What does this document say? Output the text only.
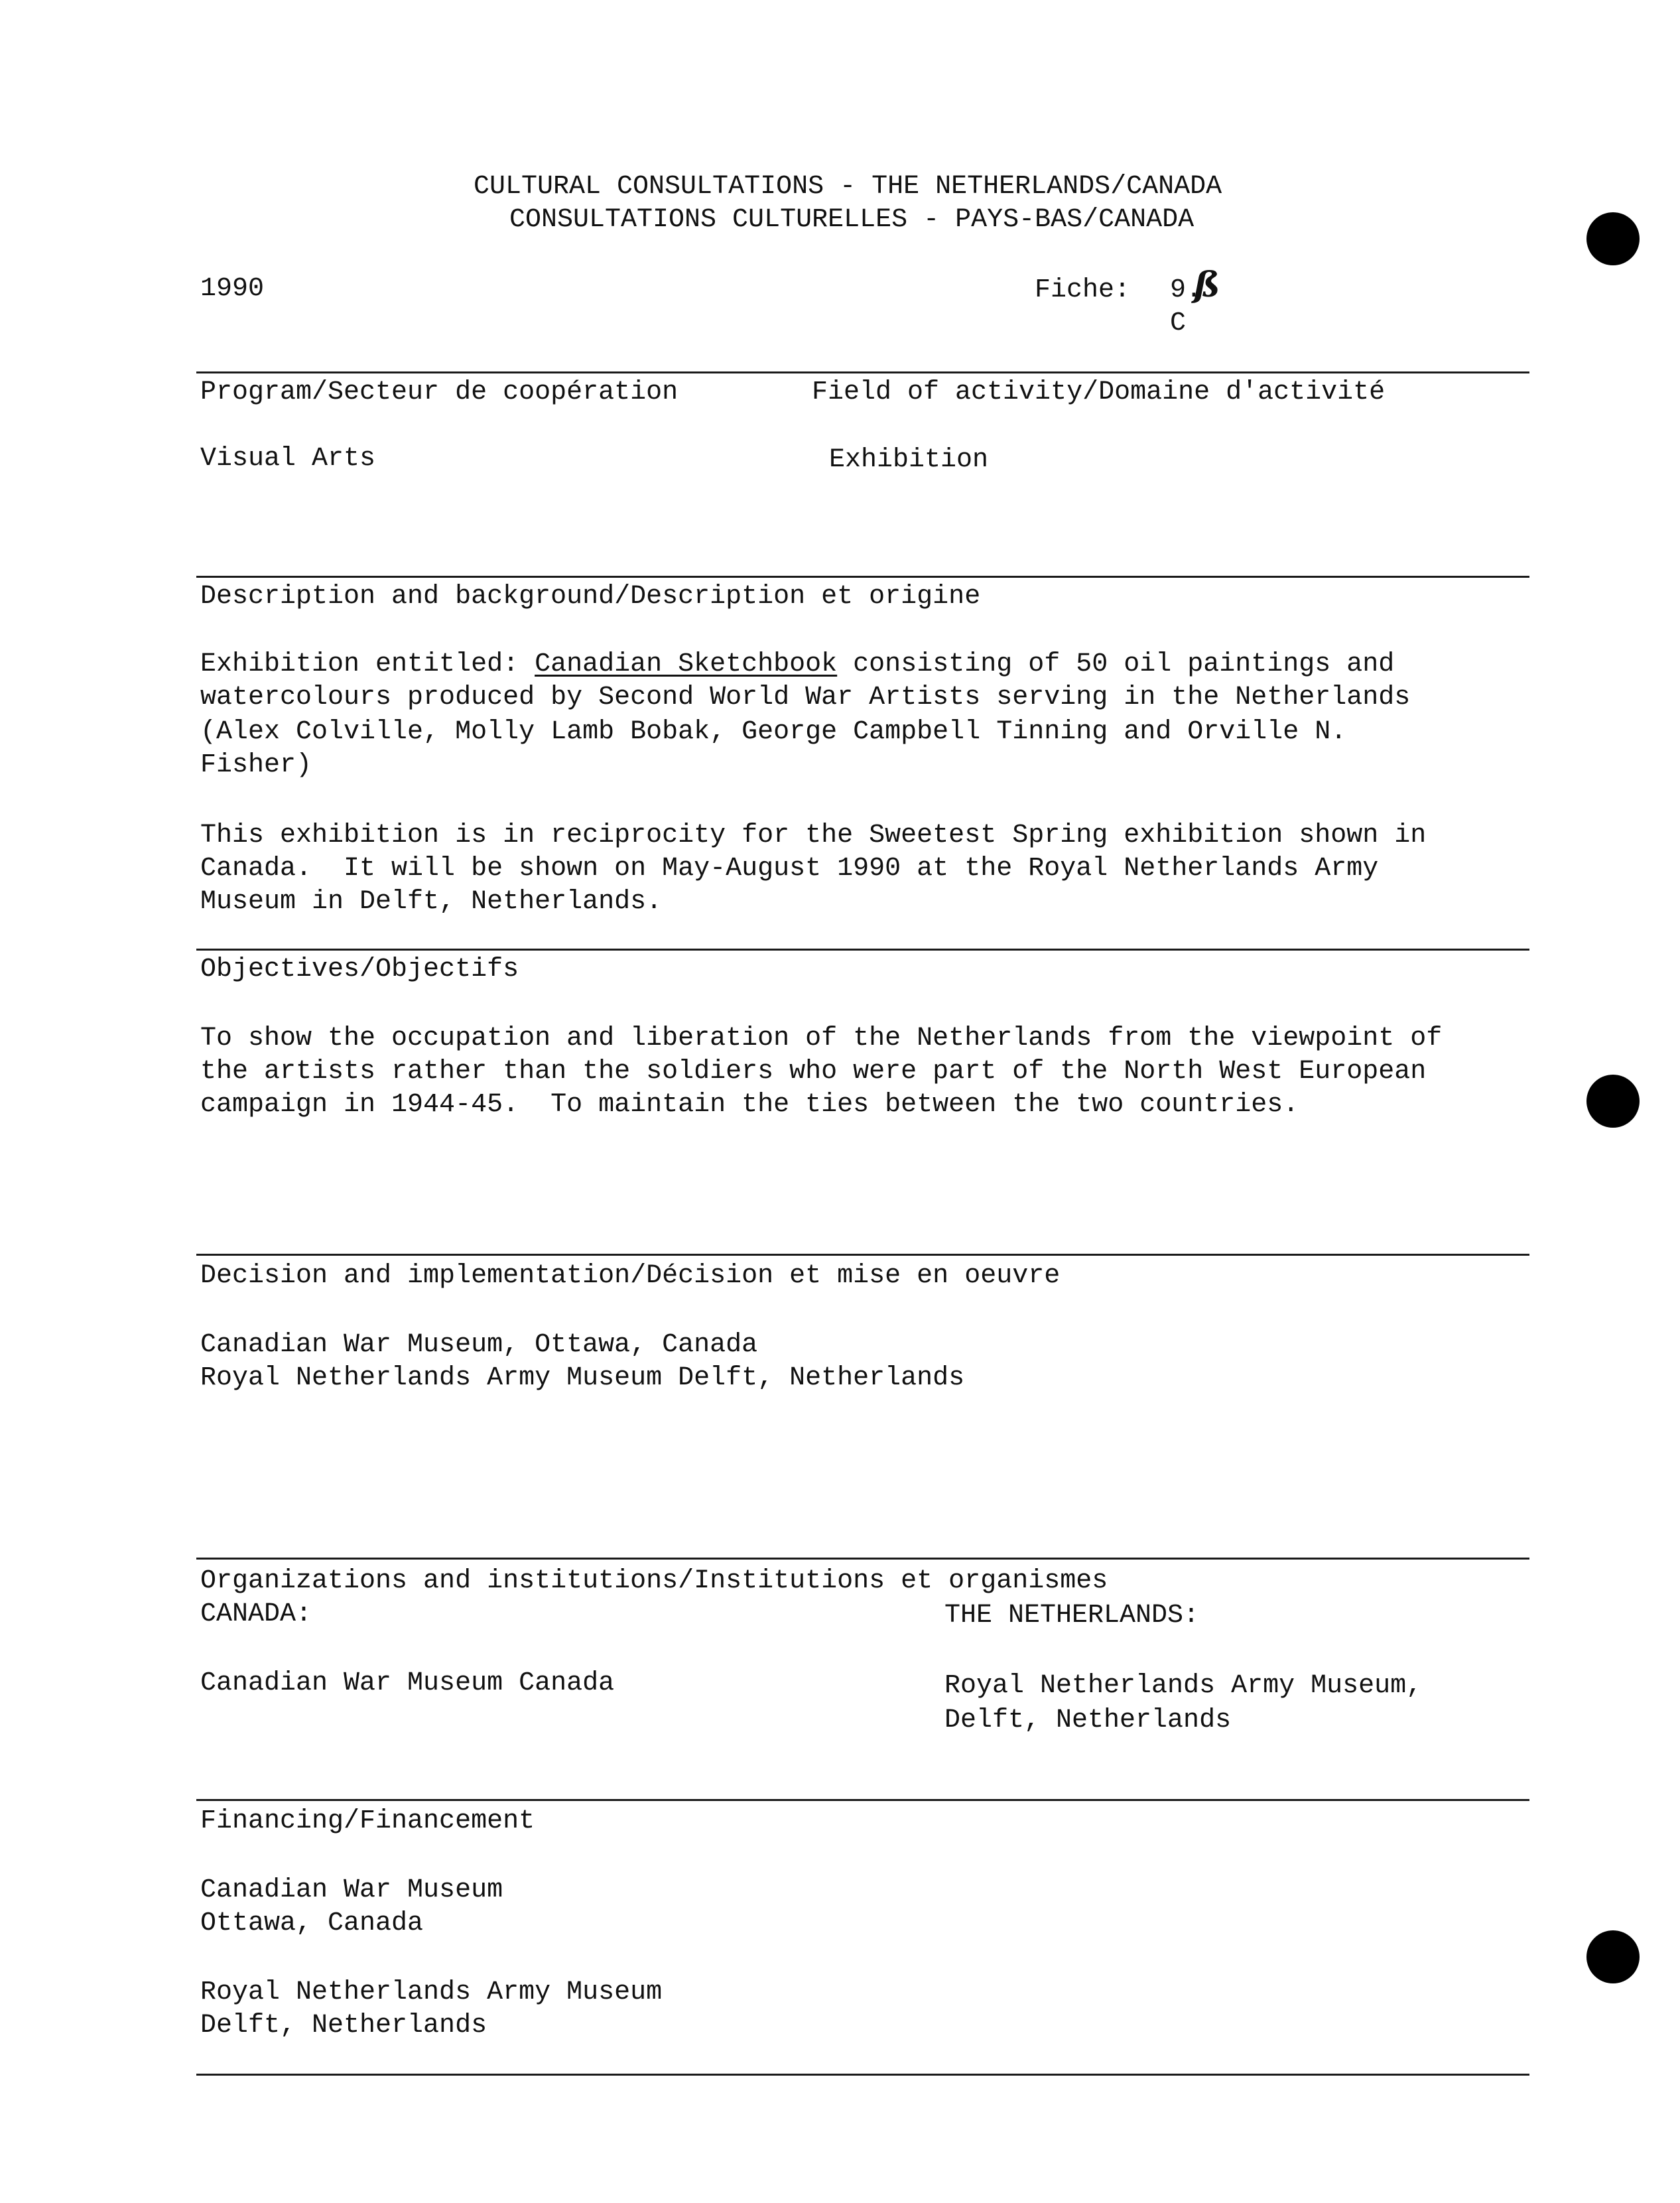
CULTURAL CONSULTATIONS - THE NETHERLANDS/CANADA
CONSULTATIONS CULTURELLES - PAYS-BAS/CANADA
1990	Fiche: 9.
ß
C
Program/Secteur de coopération	Field of activity/Domaine d'activité
Visual Arts	Exhibition
Description and background/Description et origine
Exhibition entitled: Canadian Sketchbook consisting of 50 oil paintings and
watercolours produced by Second World War Artists serving in the Netherlands
(Alex Colville, Molly Lamb Bobak, George Campbell Tinning and Orville N.
Fisher)
This exhibition is in reciprocity for the Sweetest Spring exhibition shown in
Canada.  It will be shown on May-August 1990 at the Royal Netherlands Army
Museum in Delft, Netherlands.
Objectives/Objectifs
To show the occupation and liberation of the Netherlands from the viewpoint of
the artists rather than the soldiers who were part of the North West European
campaign in 1944-45.  To maintain the ties between the two countries.
Decision and implementation/Décision et mise en oeuvre
Canadian War Museum, Ottawa, Canada
Royal Netherlands Army Museum Delft, Netherlands
Organizations and institutions/Institutions et organismes
CANADA:	THE NETHERLANDS:
Canadian War Museum Canada	Royal Netherlands Army Museum,
Delft, Netherlands
Financing/Financement
Canadian War Museum
Ottawa, Canada
Royal Netherlands Army Museum
Delft, Netherlands
